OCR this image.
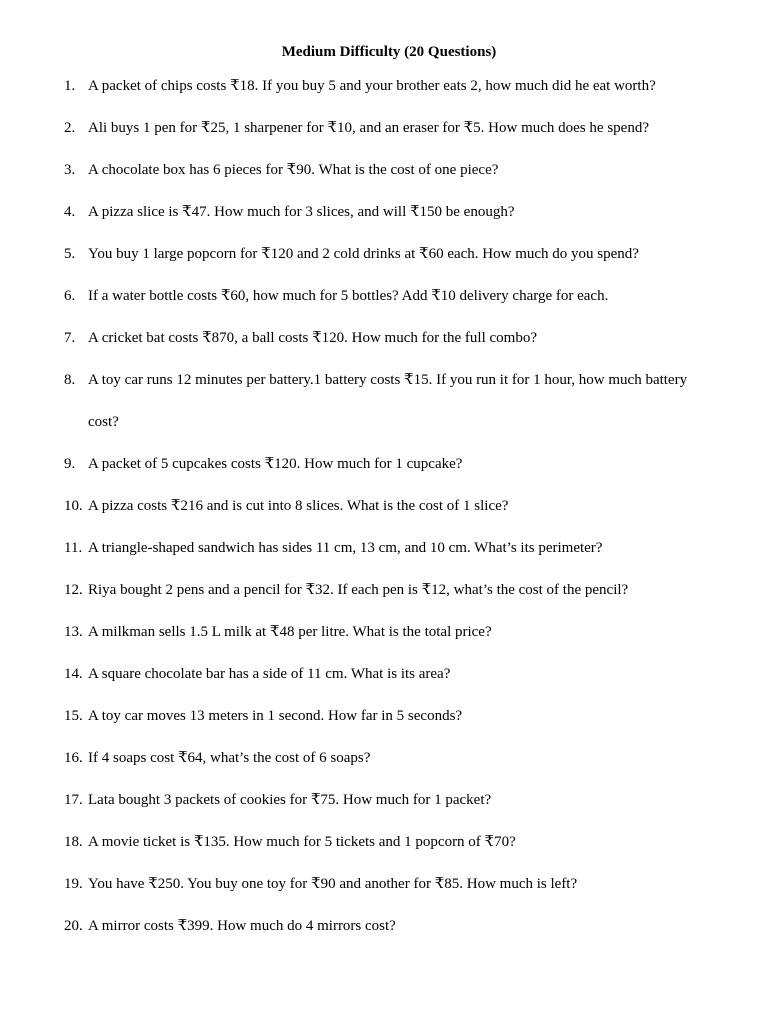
Medium Difficulty (20 Questions)
1. A packet of chips costs ₹18. If you buy 5 and your brother eats 2, how much did he eat worth?
2. Ali buys 1 pen for ₹25, 1 sharpener for ₹10, and an eraser for ₹5. How much does he spend?
3. A chocolate box has 6 pieces for ₹90. What is the cost of one piece?
4. A pizza slice is ₹47. How much for 3 slices, and will ₹150 be enough?
5. You buy 1 large popcorn for ₹120 and 2 cold drinks at ₹60 each. How much do you spend?
6. If a water bottle costs ₹60, how much for 5 bottles? Add ₹10 delivery charge for each.
7. A cricket bat costs ₹870, a ball costs ₹120. How much for the full combo?
8. A toy car runs 12 minutes per battery.1 battery costs ₹15. If you run it for 1 hour, how much battery
cost?
9. A packet of 5 cupcakes costs ₹120. How much for 1 cupcake?
10. A pizza costs ₹216 and is cut into 8 slices. What is the cost of 1 slice?
11. A triangle-shaped sandwich has sides 11 cm, 13 cm, and 10 cm. What’s its perimeter?
12. Riya bought 2 pens and a pencil for ₹32. If each pen is ₹12, what’s the cost of the pencil?
13. A milkman sells 1.5 L milk at ₹48 per litre. What is the total price?
14. A square chocolate bar has a side of 11 cm. What is its area?
15. A toy car moves 13 meters in 1 second. How far in 5 seconds?
16. If 4 soaps cost ₹64, what’s the cost of 6 soaps?
17. Lata bought 3 packets of cookies for ₹75. How much for 1 packet?
18. A movie ticket is ₹135. How much for 5 tickets and 1 popcorn of ₹70?
19. You have ₹250. You buy one toy for ₹90 and another for ₹85. How much is left?
20. A mirror costs ₹399. How much do 4 mirrors cost?
